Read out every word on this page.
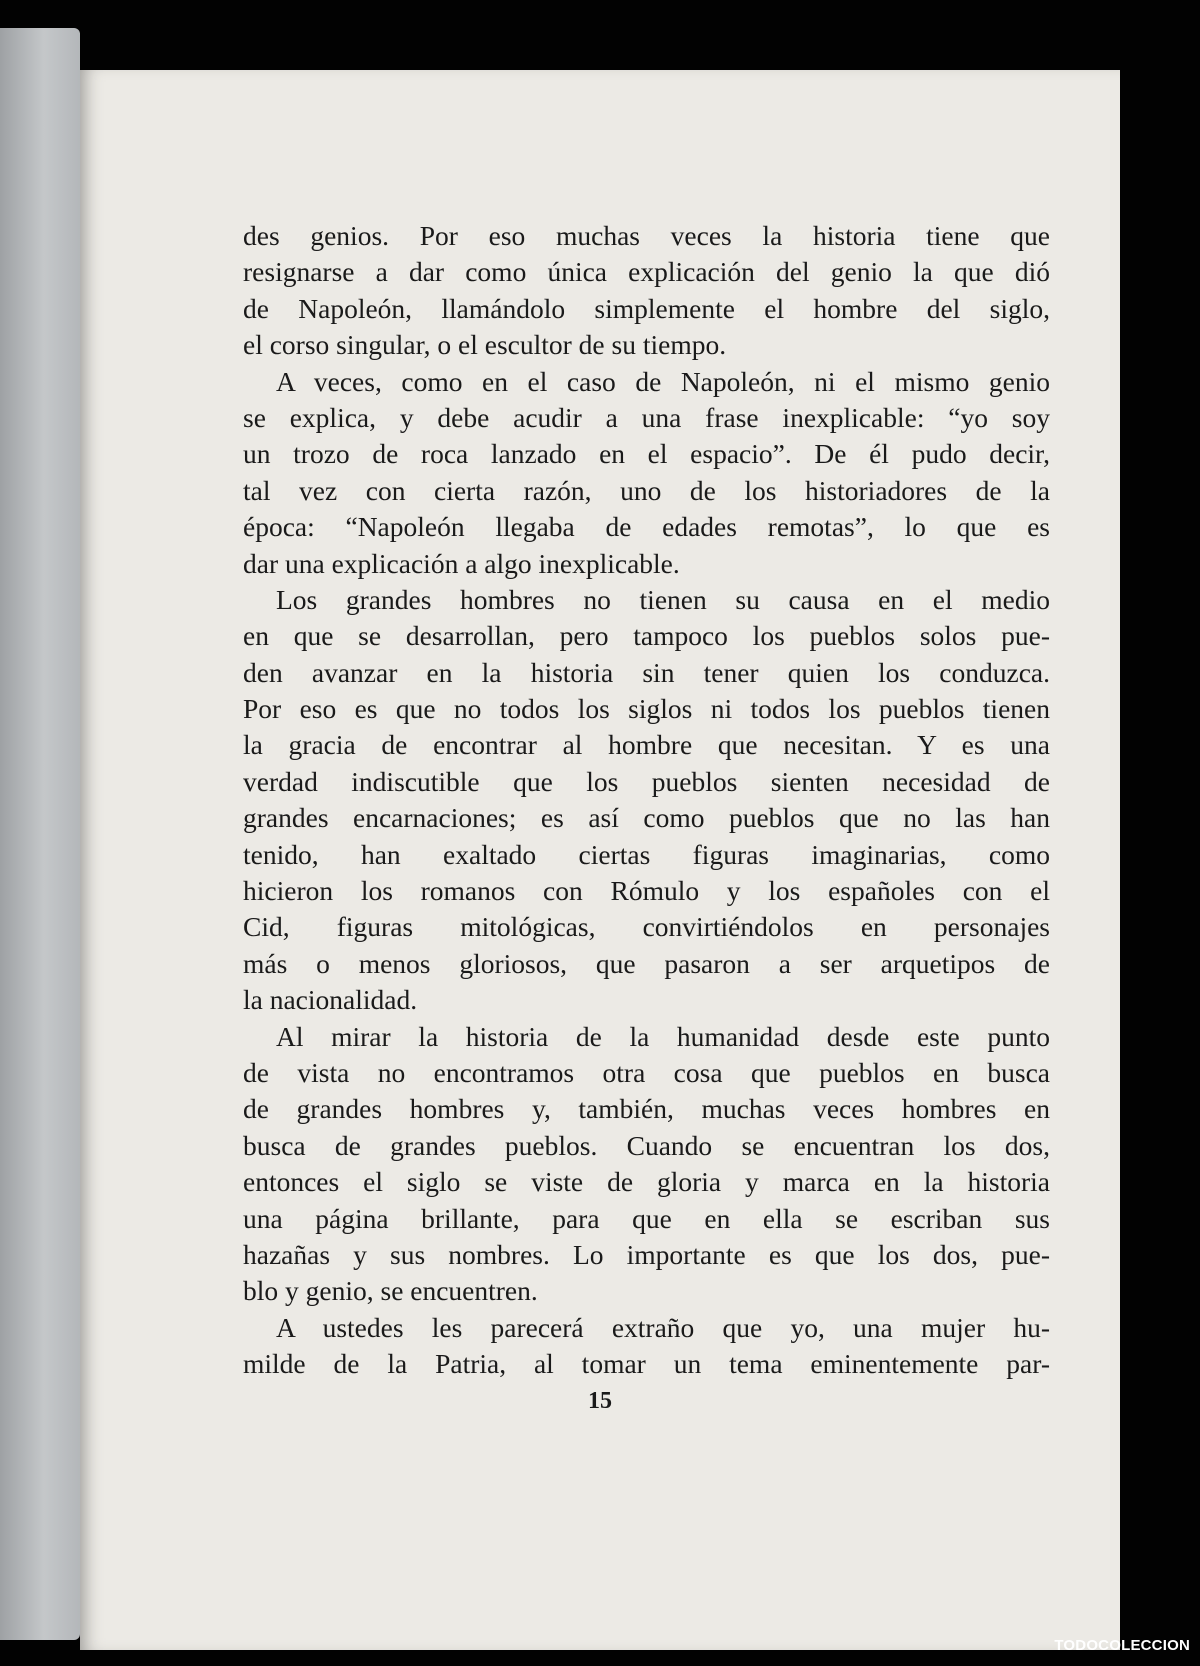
des genios. Por eso muchas veces la historia tiene que
resignarse a dar como única explicación del genio la que dió
de Napoleón, llamándolo simplemente el hombre del siglo,
el corso singular, o el escultor de su tiempo.
A veces, como en el caso de Napoleón, ni el mismo genio
se explica, y debe acudir a una frase inexplicable: “yo soy
un trozo de roca lanzado en el espacio”. De él pudo decir,
tal vez con cierta razón, uno de los historiadores de la
época: “Napoleón llegaba de edades remotas”, lo que es
dar una explicación a algo inexplicable.
Los grandes hombres no tienen su causa en el medio
en que se desarrollan, pero tampoco los pueblos solos pue-
den avanzar en la historia sin tener quien los conduzca.
Por eso es que no todos los siglos ni todos los pueblos tienen
la gracia de encontrar al hombre que necesitan. Y es una
verdad indiscutible que los pueblos sienten necesidad de
grandes encarnaciones; es así como pueblos que no las han
tenido, han exaltado ciertas figuras imaginarias, como
hicieron los romanos con Rómulo y los españoles con el
Cid, figuras mitológicas, convirtiéndolos en personajes
más o menos gloriosos, que pasaron a ser arquetipos de
la nacionalidad.
Al mirar la historia de la humanidad desde este punto
de vista no encontramos otra cosa que pueblos en busca
de grandes hombres y, también, muchas veces hombres en
busca de grandes pueblos. Cuando se encuentran los dos,
entonces el siglo se viste de gloria y marca en la historia
una página brillante, para que en ella se escriban sus
hazañas y sus nombres. Lo importante es que los dos, pue-
blo y genio, se encuentren.
A ustedes les parecerá extraño que yo, una mujer hu-
milde de la Patria, al tomar un tema eminentemente par-
15
TODOCOLECCION
